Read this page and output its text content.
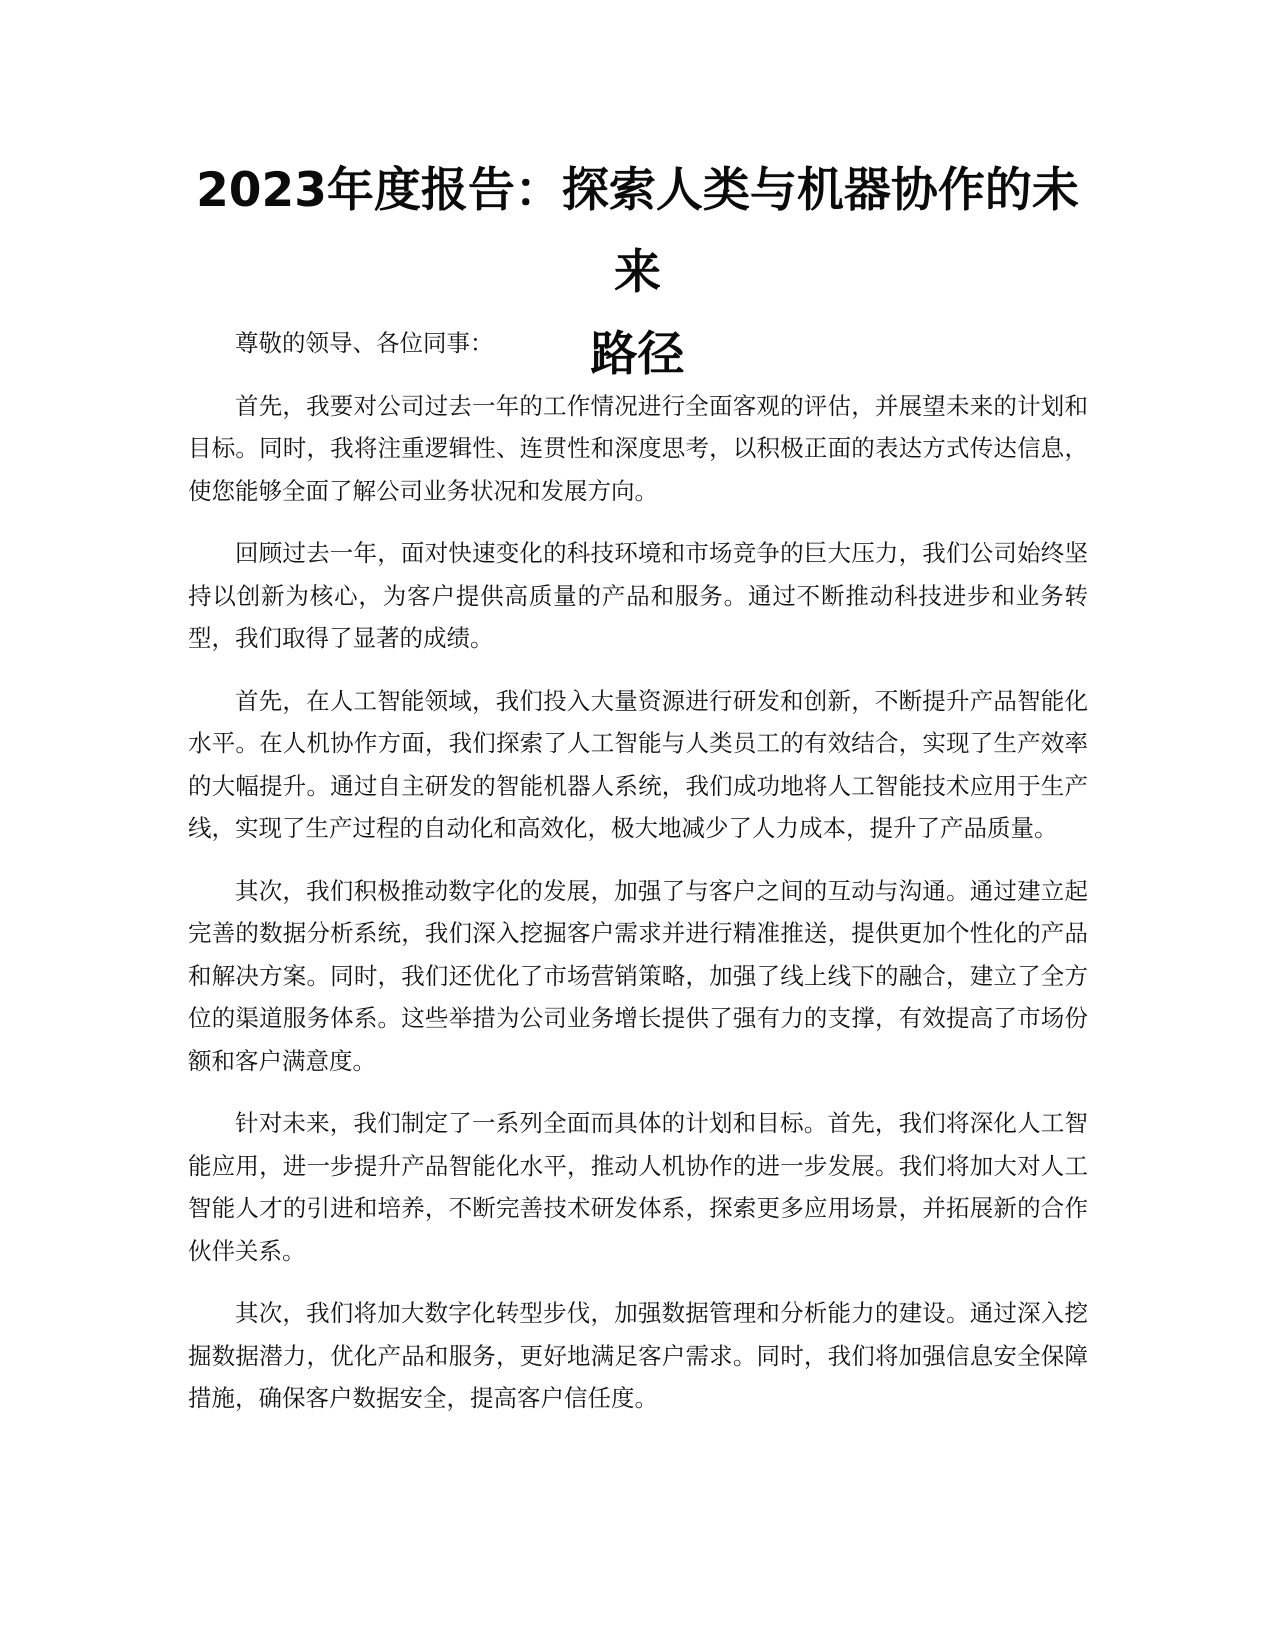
2023年度报告：探索人类与机器协作的未来
路径

尊敬的领导、各位同事：

首先，我要对公司过去一年的工作情况进行全面客观的评估，并展望未来的计划和目标。同时，我将注重逻辑性、连贯性和深度思考，以积极正面的表达方式传达信息，使您能够全面了解公司业务状况和发展方向。

回顾过去一年，面对快速变化的科技环境和市场竞争的巨大压力，我们公司始终坚持以创新为核心，为客户提供高质量的产品和服务。通过不断推动科技进步和业务转型，我们取得了显著的成绩。

首先，在人工智能领域，我们投入大量资源进行研发和创新，不断提升产品智能化水平。在人机协作方面，我们探索了人工智能与人类员工的有效结合，实现了生产效率的大幅提升。通过自主研发的智能机器人系统，我们成功地将人工智能技术应用于生产线，实现了生产过程的自动化和高效化，极大地减少了人力成本，提升了产品质量。

其次，我们积极推动数字化的发展，加强了与客户之间的互动与沟通。通过建立起完善的数据分析系统，我们深入挖掘客户需求并进行精准推送，提供更加个性化的产品和解决方案。同时，我们还优化了市场营销策略，加强了线上线下的融合，建立了全方位的渠道服务体系。这些举措为公司业务增长提供了强有力的支撑，有效提高了市场份额和客户满意度。

针对未来，我们制定了一系列全面而具体的计划和目标。首先，我们将深化人工智能应用，进一步提升产品智能化水平，推动人机协作的进一步发展。我们将加大对人工智能人才的引进和培养，不断完善技术研发体系，探索更多应用场景，并拓展新的合作伙伴关系。

其次，我们将加大数字化转型步伐，加强数据管理和分析能力的建设。通过深入挖掘数据潜力，优化产品和服务，更好地满足客户需求。同时，我们将加强信息安全保障措施，确保客户数据安全，提高客户信任度。
